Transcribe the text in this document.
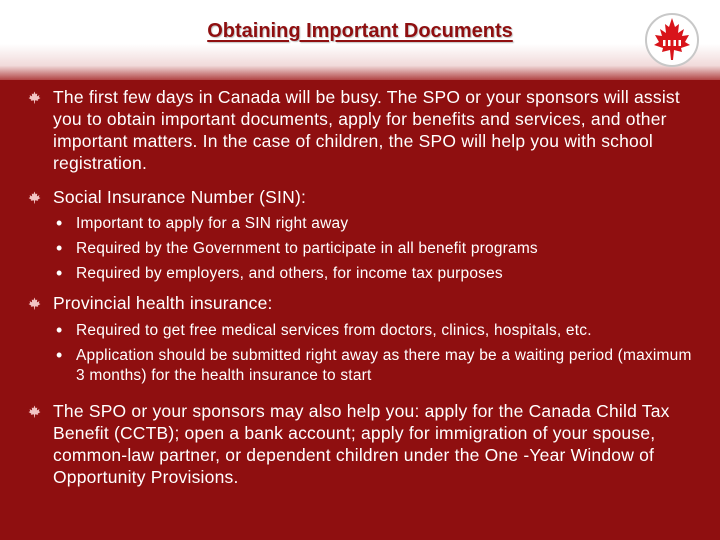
Obtaining Important Documents
The first few days in Canada will be busy. The SPO or your sponsors will assist you to obtain important documents, apply for benefits and services, and other important matters. In the case of children, the SPO will help you with school registration.
Social Insurance Number (SIN):
• Important to apply for a SIN right away
• Required by the Government to participate in all benefit programs
• Required by employers, and others, for income tax purposes
Provincial health insurance:
• Required to get free medical services from doctors, clinics, hospitals, etc.
• Application should be submitted right away as there may be a waiting period (maximum 3 months) for the health insurance to start
The SPO or your sponsors may also help you: apply for the Canada Child Tax Benefit (CCTB); open a bank account; apply for immigration of your spouse, common-law partner, or dependent children under the One -Year Window of Opportunity Provisions.
